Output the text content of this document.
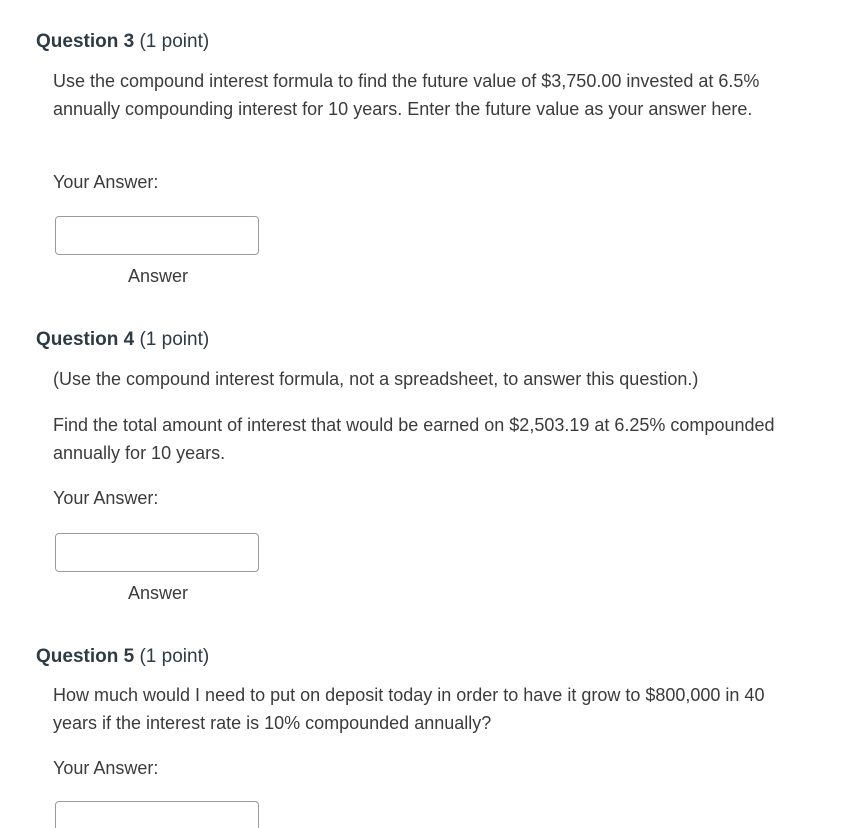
Question 3 (1 point)

Use the compound interest formula to find the future value of $3,750.00 invested at 6.5% annually compounding interest for 10 years. Enter the future value as your answer here.

Your Answer:
Answer
Question 4 (1 point)

(Use the compound interest formula, not a spreadsheet, to answer this question.)

Find the total amount of interest that would be earned on $2,503.19 at 6.25% compounded annually for 10 years.

Your Answer:
Answer
Question 5 (1 point)

How much would I need to put on deposit today in order to have it grow to $800,000 in 40 years if the interest rate is 10% compounded annually?

Your Answer:
